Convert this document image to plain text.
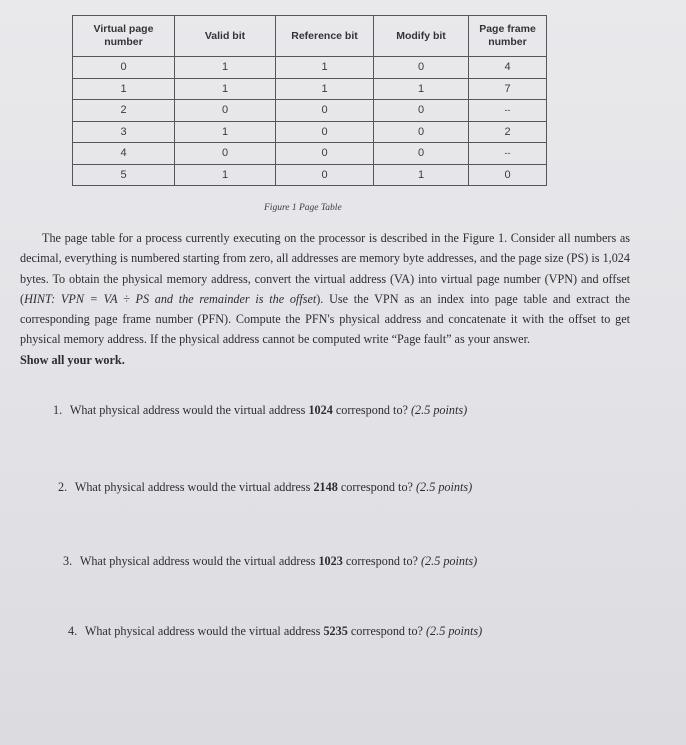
Virtual page number	Valid bit	Reference bit	Modify bit	Page frame number
0	1	1	0	4
1	1	1	1	7
2	0	0	0	--
3	1	0	0	2
4	0	0	0	--
5	1	0	1	0
Figure 1 Page Table
The page table for a process currently executing on the processor is described in the Figure 1. Consider all numbers as decimal, everything is numbered starting from zero, all addresses are memory byte addresses, and the page size (PS) is 1,024 bytes. To obtain the physical memory address, convert the virtual address (VA) into virtual page number (VPN) and offset (HINT: VPN = VA ÷ PS and the remainder is the offset). Use the VPN as an index into page table and extract the corresponding page frame number (PFN). Compute the PFN's physical address and concatenate it with the offset to get physical memory address. If the physical address cannot be computed write “Page fault” as your answer.
Show all your work.
1. What physical address would the virtual address 1024 correspond to? (2.5 points)
2. What physical address would the virtual address 2148 correspond to? (2.5 points)
3. What physical address would the virtual address 1023 correspond to? (2.5 points)
4. What physical address would the virtual address 5235 correspond to? (2.5 points)
